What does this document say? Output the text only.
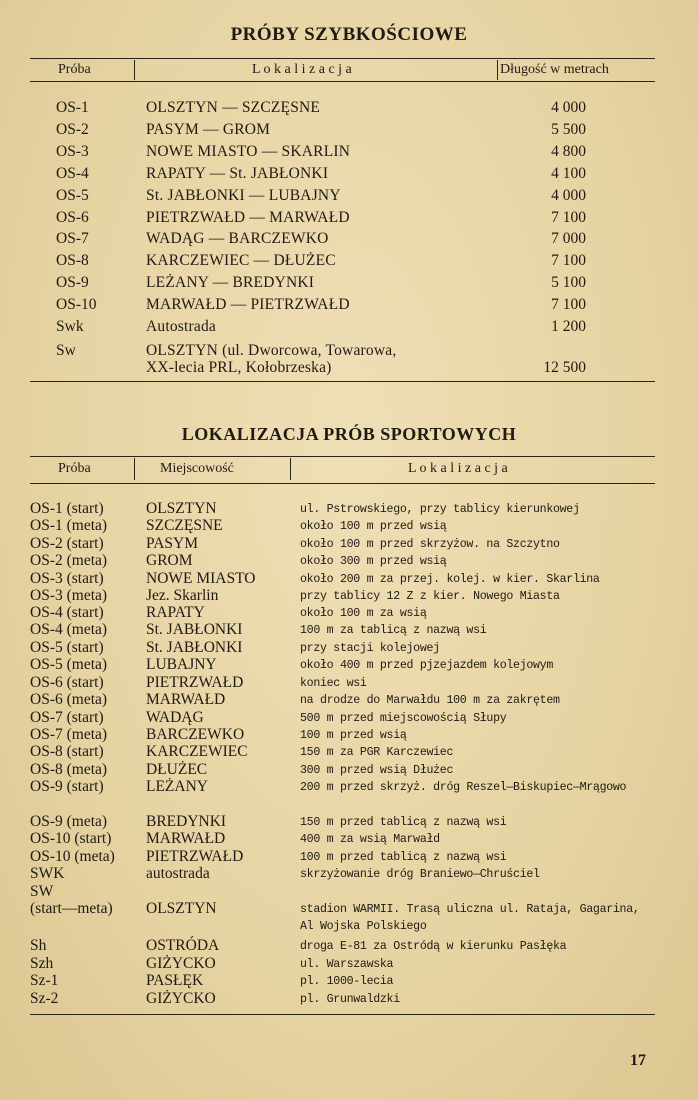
PRÓBY SZYBKOŚCIOWE
Próba	L o k a l i z a c j a	Długość w metrach
OS-1	OLSZTYN — SZCZĘSNE	4 000
OS-2	PASYM — GROM	5 500
OS-3	NOWE MIASTO — SKARLIN	4 800
OS-4	RAPATY — St. JABŁONKI	4 100
OS-5	St. JABŁONKI — LUBAJNY	4 000
OS-6	PIETRZWAŁD — MARWAŁD	7 100
OS-7	WADĄG — BARCZEWKO	7 000
OS-8	KARCZEWIEC — DŁUŻEC	7 100
OS-9	LEŻANY — BREDYNKI	5 100
OS-10	MARWAŁD — PIETRZWAŁD	7 100
Swk	Autostrada	1 200
Sw	OLSZTYN (ul. Dworcowa, Towarowa,
XX-lecia PRL, Kołobrzeska)	12 500
LOKALIZACJA PRÓB SPORTOWYCH
Próba	Miejscowość	L o k a l i z a c j a
OS-1 (start)	OLSZTYN	ul. Pstrowskiego, przy tablicy kierunkowej
OS-1 (meta)	SZCZĘSNE	około 100 m przed wsią
OS-2 (start)	PASYM	około 100 m przed skrzyżow. na Szczytno
OS-2 (meta)	GROM	około 300 m przed wsią
OS-3 (start)	NOWE MIASTO	około 200 m za przej. kolej. w kier. Skarlina
OS-3 (meta)	Jez. Skarlin	przy tablicy 12 Z z kier. Nowego Miasta
OS-4 (start)	RAPATY	około 100 m za wsią
OS-4 (meta)	St. JABŁONKI	100 m za tablicą z nazwą wsi
OS-5 (start)	St. JABŁONKI	przy stacji kolejowej
OS-5 (meta)	LUBAJNY	około 400 m przed pjzejazdem kolejowym
OS-6 (start)	PIETRZWAŁD	koniec wsi
OS-6 (meta)	MARWAŁD	na drodze do Marwałdu 100 m za zakrętem
OS-7 (start)	WADĄG	500 m przed miejscowością Słupy
OS-7 (meta)	BARCZEWKO	100 m przed wsią
OS-8 (start)	KARCZEWIEC	150 m za PGR Karczewiec
OS-8 (meta)	DŁUŻEC	300 m przed wsią Dłużec
OS-9 (start)	LEŻANY	200 m przed skrzyż. dróg Reszel—Biskupiec—Mrągowo
OS-9 (meta)	BREDYNKI	150 m przed tablicą z nazwą wsi
OS-10 (start) MARWAŁD	400 m za wsią Marwałd
OS-10 (meta) PIETRZWAŁD	100 m przed tablicą z nazwą wsi
SWK	autostrada	skrzyżowanie dróg Braniewo—Chruściel
SW
(start—meta) OLSZTYN	stadion WARMII. Trasą uliczna ul. Rataja, Gagarina, Al Wojska Polskiego
Sh	OSTRÓDA	droga E-81 za Ostródą w kierunku Pasłęka
Szh	GIŻYCKO	ul. Warszawska
Sz-1	PASŁĘK	pl. 1000-lecia
Sz-2	GIŻYCKO	pl. Grunwaldzki
17
